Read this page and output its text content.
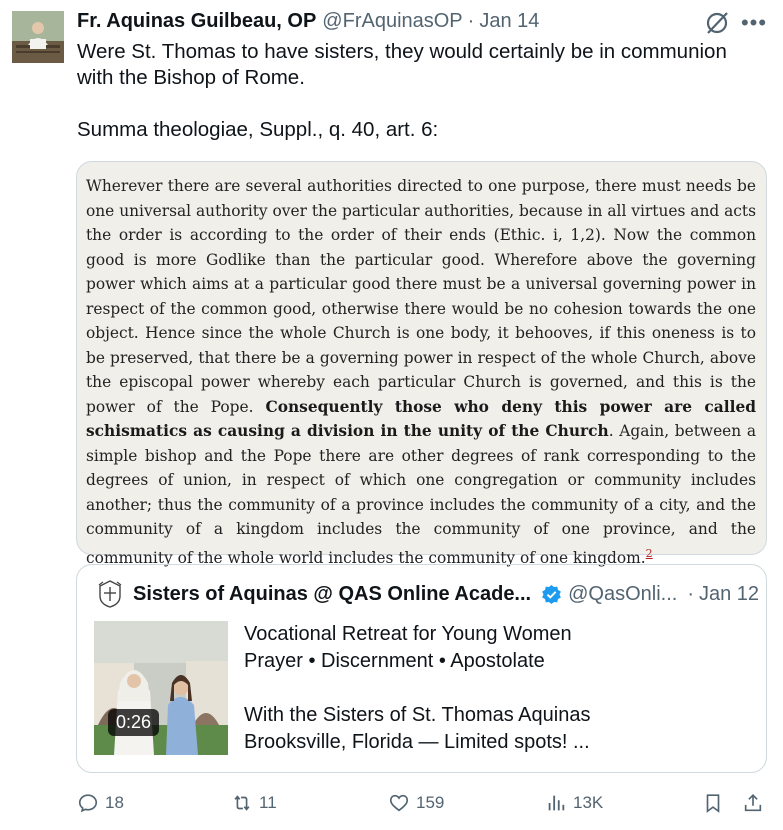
Fr. Aquinas Guilbeau, OP @FrAquinasOP · Jan 14	•••

Were St. Thomas to have sisters, they would certainly be in communion

with the Bishop of Rome.

Summa theologiae, Suppl., q. 40, art. 6:

Wherever there are several authorities directed to one purpose, there must needs be one universal authority over the particular authorities, because in all virtues and acts the order is according to the order of their ends (Ethic. i, 1,2). Now the common good is more Godlike than the particular good. Wherefore above the governing power which aims at a particular good there must be a universal governing power in respect of the common good, otherwise there would be no cohesion towards the one object. Hence since the whole Church is one body, it behooves, if this oneness is to be preserved, that there be a governing power in respect of the whole Church, above the episcopal power whereby each particular Church is governed, and this is the power of the Pope. Consequently those who deny this power are called schismatics as causing a division in the unity of the Church. Again, between a simple bishop and the Pope there are other degrees of rank corresponding to the degrees of union, in respect of which one congregation or community includes another; thus the community of a province includes the community of a city, and the community of a kingdom includes the community of one province, and the community of the whole world includes the community of one kingdom.$^2$
Sisters of Aquinas @ QAS Online Acade... @QasOnli... · Jan 12
0:26

Vocational Retreat for Young Women

Prayer • Discernment • Apostolate

With the Sisters of St. Thomas Aquinas

Brooksville, Florida — Limited spots! ...

18	11	159	13K
